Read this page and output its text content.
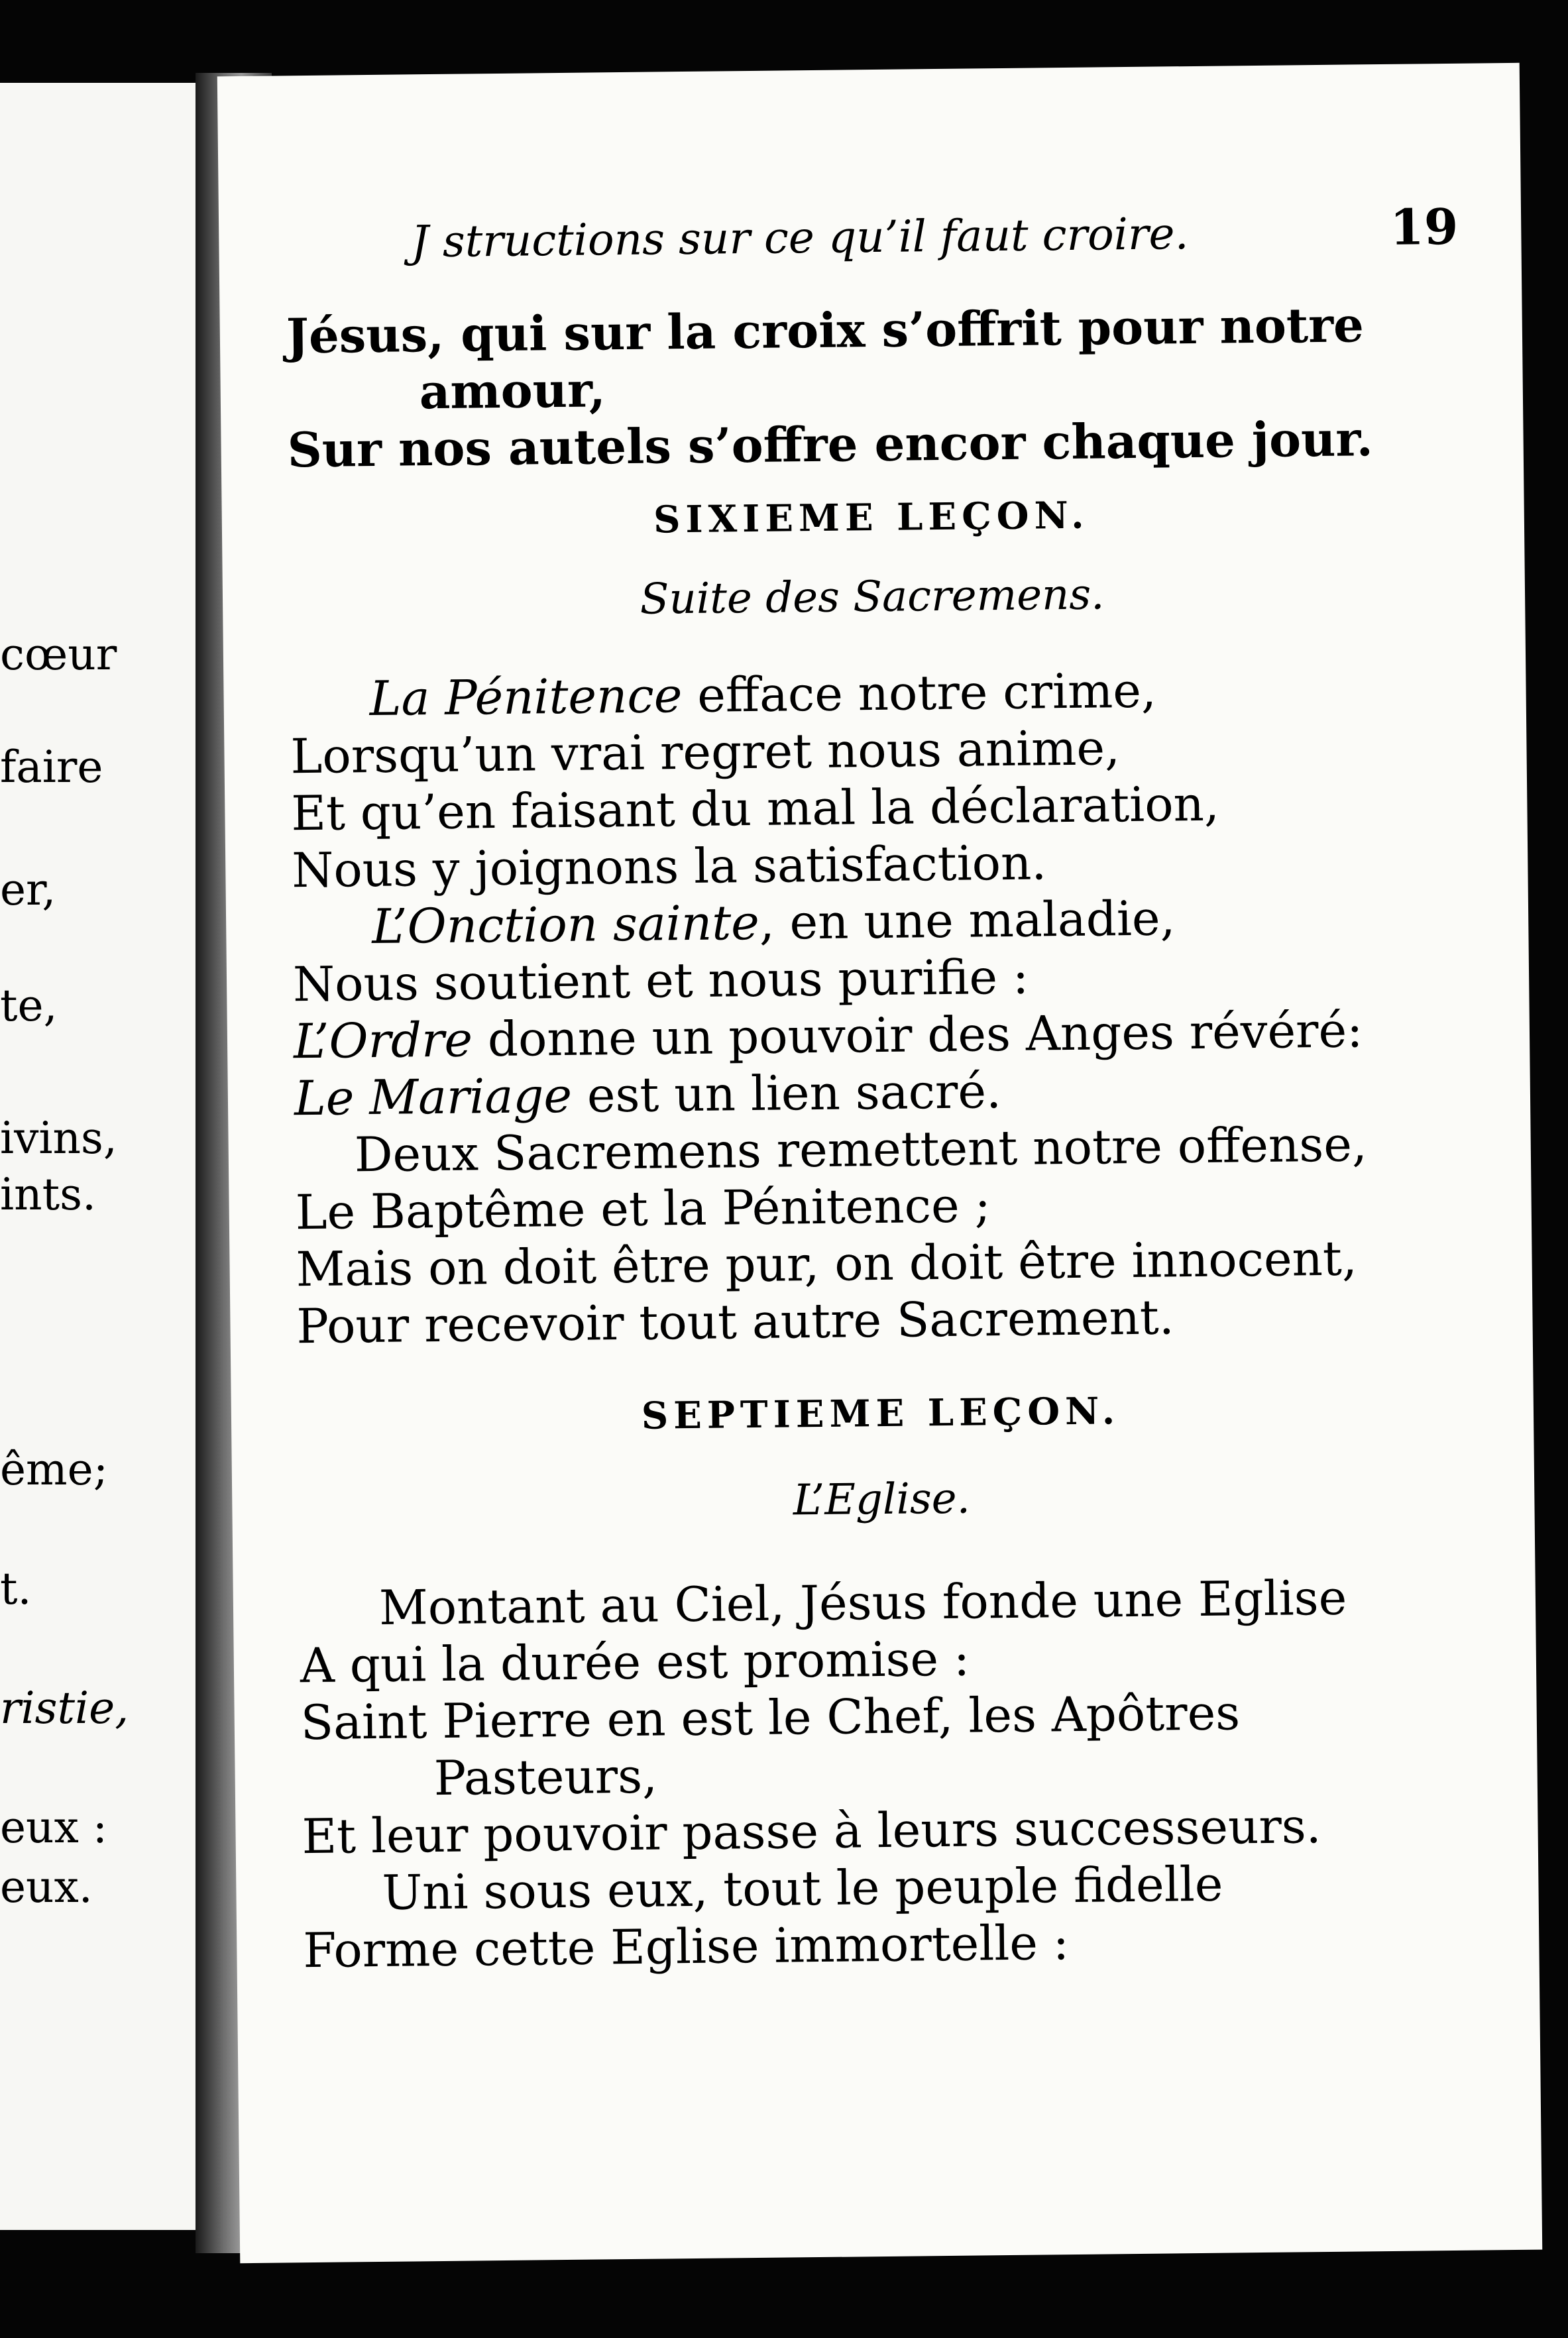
cœur
faire
er,
te,
ivins,
ints.
ême;
t.
ristie,
eux :
eux.
J structions sur ce qu’il faut croire.	19
Jésus, qui sur la croix s’offrit pour notre
amour,
Sur nos autels s’offre encor chaque jour.
SIXIEME LEÇON.
Suite des Sacremens.
La Pénitence efface notre crime,
Lorsqu’un vrai regret nous anime,
Et qu’en faisant du mal la déclaration,
Nous y joignons la satisfaction.
L’Onction sainte, en une maladie,
Nous soutient et nous purifie :
L’Ordre donne un pouvoir des Anges révéré:
Le Mariage est un lien sacré.
Deux Sacremens remettent notre offense,
Le Baptême et la Pénitence ;
Mais on doit être pur, on doit être innocent,
Pour recevoir tout autre Sacrement.
SEPTIEME LEÇON.
L’Eglise.
Montant au Ciel, Jésus fonde une Eglise
A qui la durée est promise :
Saint Pierre en est le Chef, les Apôtres
Pasteurs,
Et leur pouvoir passe à leurs successeurs.
Uni sous eux, tout le peuple fidelle
Forme cette Eglise immortelle :
